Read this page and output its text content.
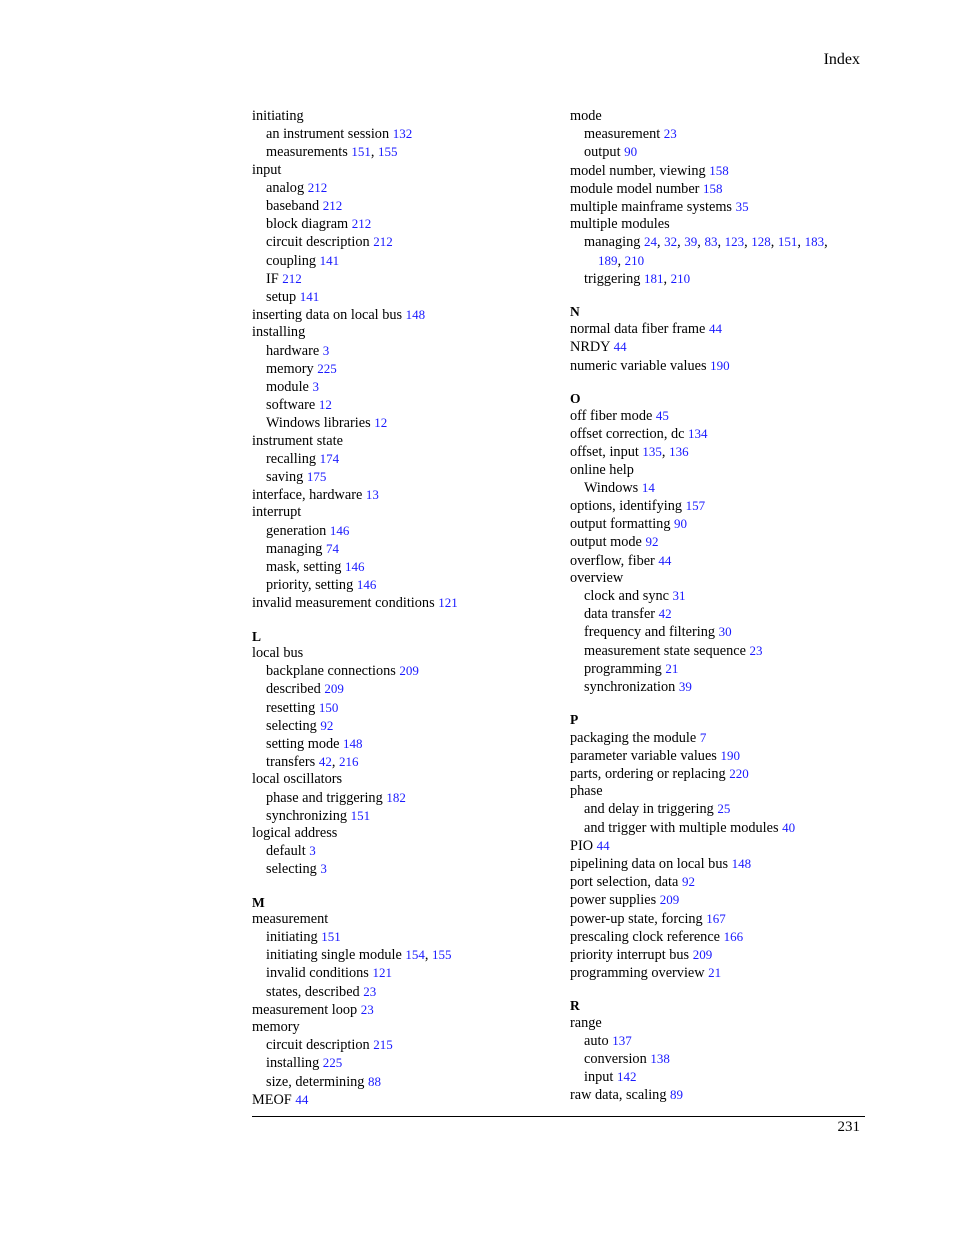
Index
initiating
an instrument session 132
measurements 151, 155
input
analog 212
baseband 212
block diagram 212
circuit description 212
coupling 141
IF 212
setup 141
inserting data on local bus 148
installing
hardware 3
memory 225
module 3
software 12
Windows libraries 12
instrument state
recalling 174
saving 175
interface, hardware 13
interrupt
generation 146
managing 74
mask, setting 146
priority, setting 146
invalid measurement conditions 121
L
local bus
backplane connections 209
described 209
resetting 150
selecting 92
setting mode 148
transfers 42, 216
local oscillators
phase and triggering 182
synchronizing 151
logical address
default 3
selecting 3
M
measurement
initiating 151
initiating single module 154, 155
invalid conditions 121
states, described 23
measurement loop 23
memory
circuit description 215
installing 225
size, determining 88
MEOF 44
mode
measurement 23
output 90
model number, viewing 158
module model number 158
multiple mainframe systems 35
multiple modules
managing 24, 32, 39, 83, 123, 128, 151, 183,
189, 210
triggering 181, 210
N
normal data fiber frame 44
NRDY 44
numeric variable values 190
O
off fiber mode 45
offset correction, dc 134
offset, input 135, 136
online help
Windows 14
options, identifying 157
output formatting 90
output mode 92
overflow, fiber 44
overview
clock and sync 31
data transfer 42
frequency and filtering 30
measurement state sequence 23
programming 21
synchronization 39
P
packaging the module 7
parameter variable values 190
parts, ordering or replacing 220
phase
and delay in triggering 25
and trigger with multiple modules 40
PIO 44
pipelining data on local bus 148
port selection, data 92
power supplies 209
power-up state, forcing 167
prescaling clock reference 166
priority interrupt bus 209
programming overview 21
R
range
auto 137
conversion 138
input 142
raw data, scaling 89
231
